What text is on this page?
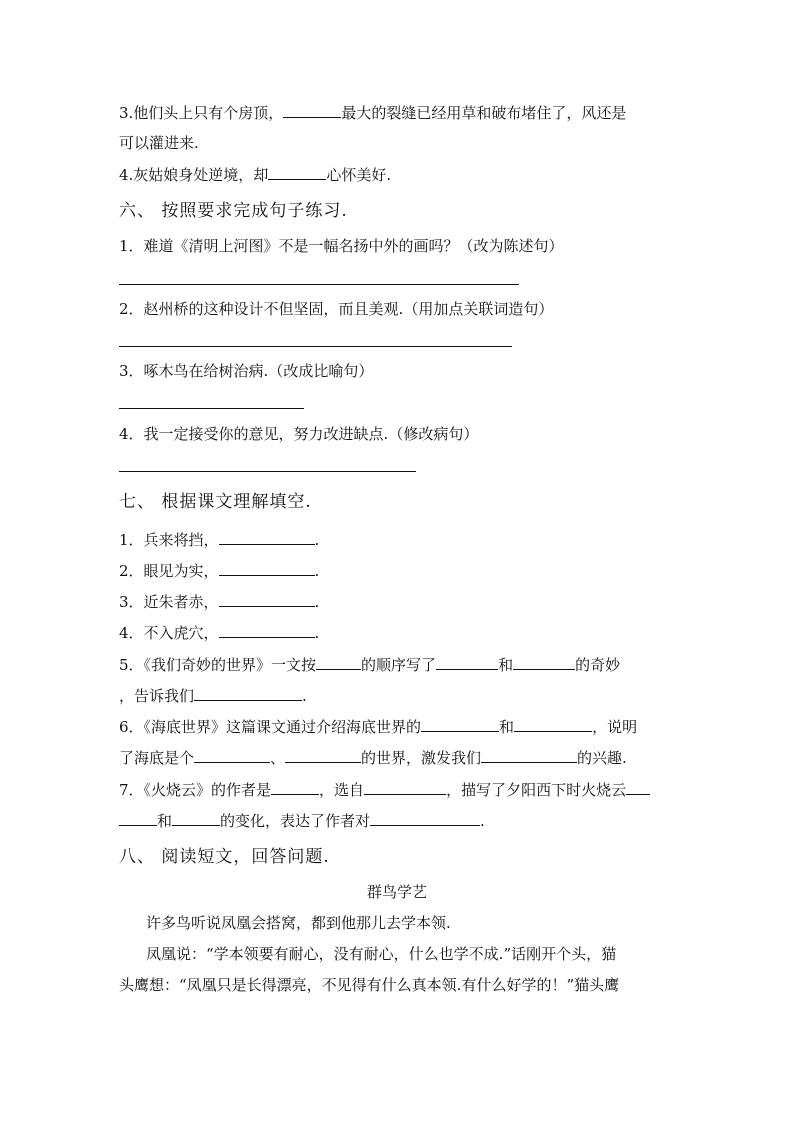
3.他们头上只有个房顶，	最大的裂缝已经用草和破布堵住了，风还是
可以灌进来.
4.灰姑娘身处逆境，却	心怀美好.
六、 按照要求完成句子练习.
1．难道《清明上河图》不是一幅名扬中外的画吗？（改为陈述句）
2．赵州桥的这种设计不但坚固，而且美观.（用加点关联词造句）
3．啄木鸟在给树治病.（改成比喻句）
4．我一定接受你的意见，努力改进缺点.（修改病句）
七、 根据课文理解填空.
1．兵来将挡，	.
2．眼见为实，	.
3．近朱者赤，	.
4．不入虎穴，	.
5．《我们奇妙的世界》一文按	的顺序写了	和	的奇妙
，告诉我们	.
6．《海底世界》这篇课文通过介绍海底世界的	和	，说明
了海底是个	、	的世界，激发我们	的兴趣.
7．《火烧云》的作者是	，选自	，描写了夕阳西下时火烧云
和	的变化，表达了作者对	.
八、 阅读短文，回答问题.
群鸟学艺
许多鸟听说凤凰会搭窝，都到他那儿去学本领.
凤凰说：“学本领要有耐心，没有耐心，什么也学不成.”话刚开个头，猫
头鹰想：“凤凰只是长得漂亮，不见得有什么真本领.有什么好学的！”猫头鹰
